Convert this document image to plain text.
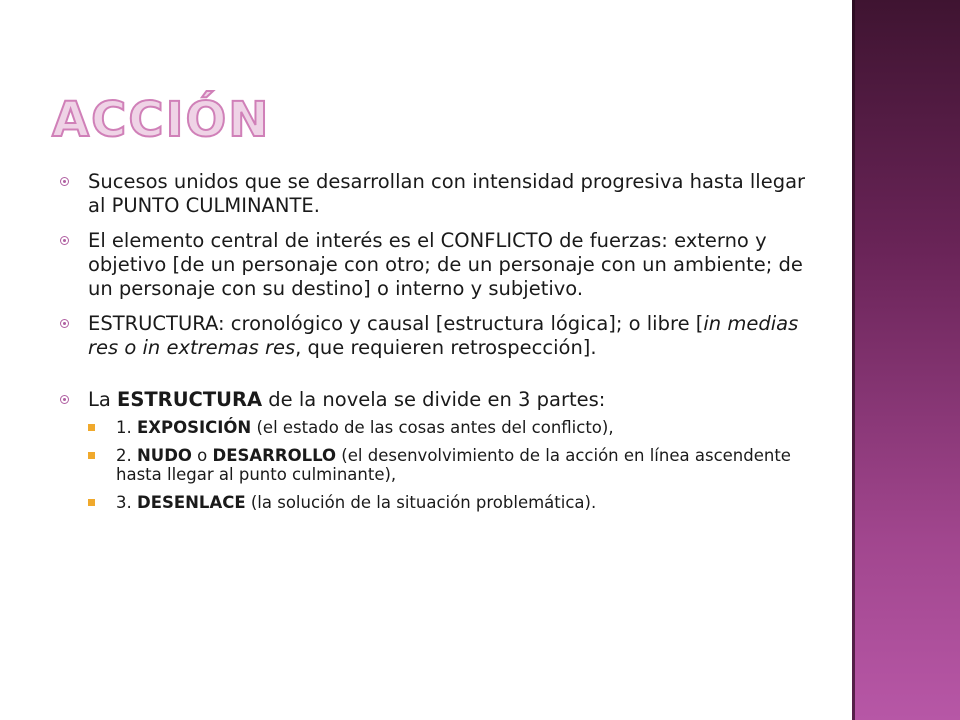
ACCIÓN
Sucesos unidos que se desarrollan con intensidad progresiva hasta llegar al PUNTO CULMINANTE.
El elemento central de interés es el CONFLICTO de fuerzas: externo y objetivo [de un personaje con otro; de un personaje con un ambiente; de un personaje con su destino] o interno y subjetivo.
ESTRUCTURA: cronológico y causal [estructura lógica]; o libre [in medias res o in extremas res, que requieren retrospección].
La ESTRUCTURA de la novela se divide en 3 partes:
1. EXPOSICIÓN (el estado de las cosas antes del conflicto),
2. NUDO o DESARROLLO (el desenvolvimiento de la acción en línea ascendente hasta llegar al punto culminante),
3. DESENLACE (la solución de la situación problemática).
